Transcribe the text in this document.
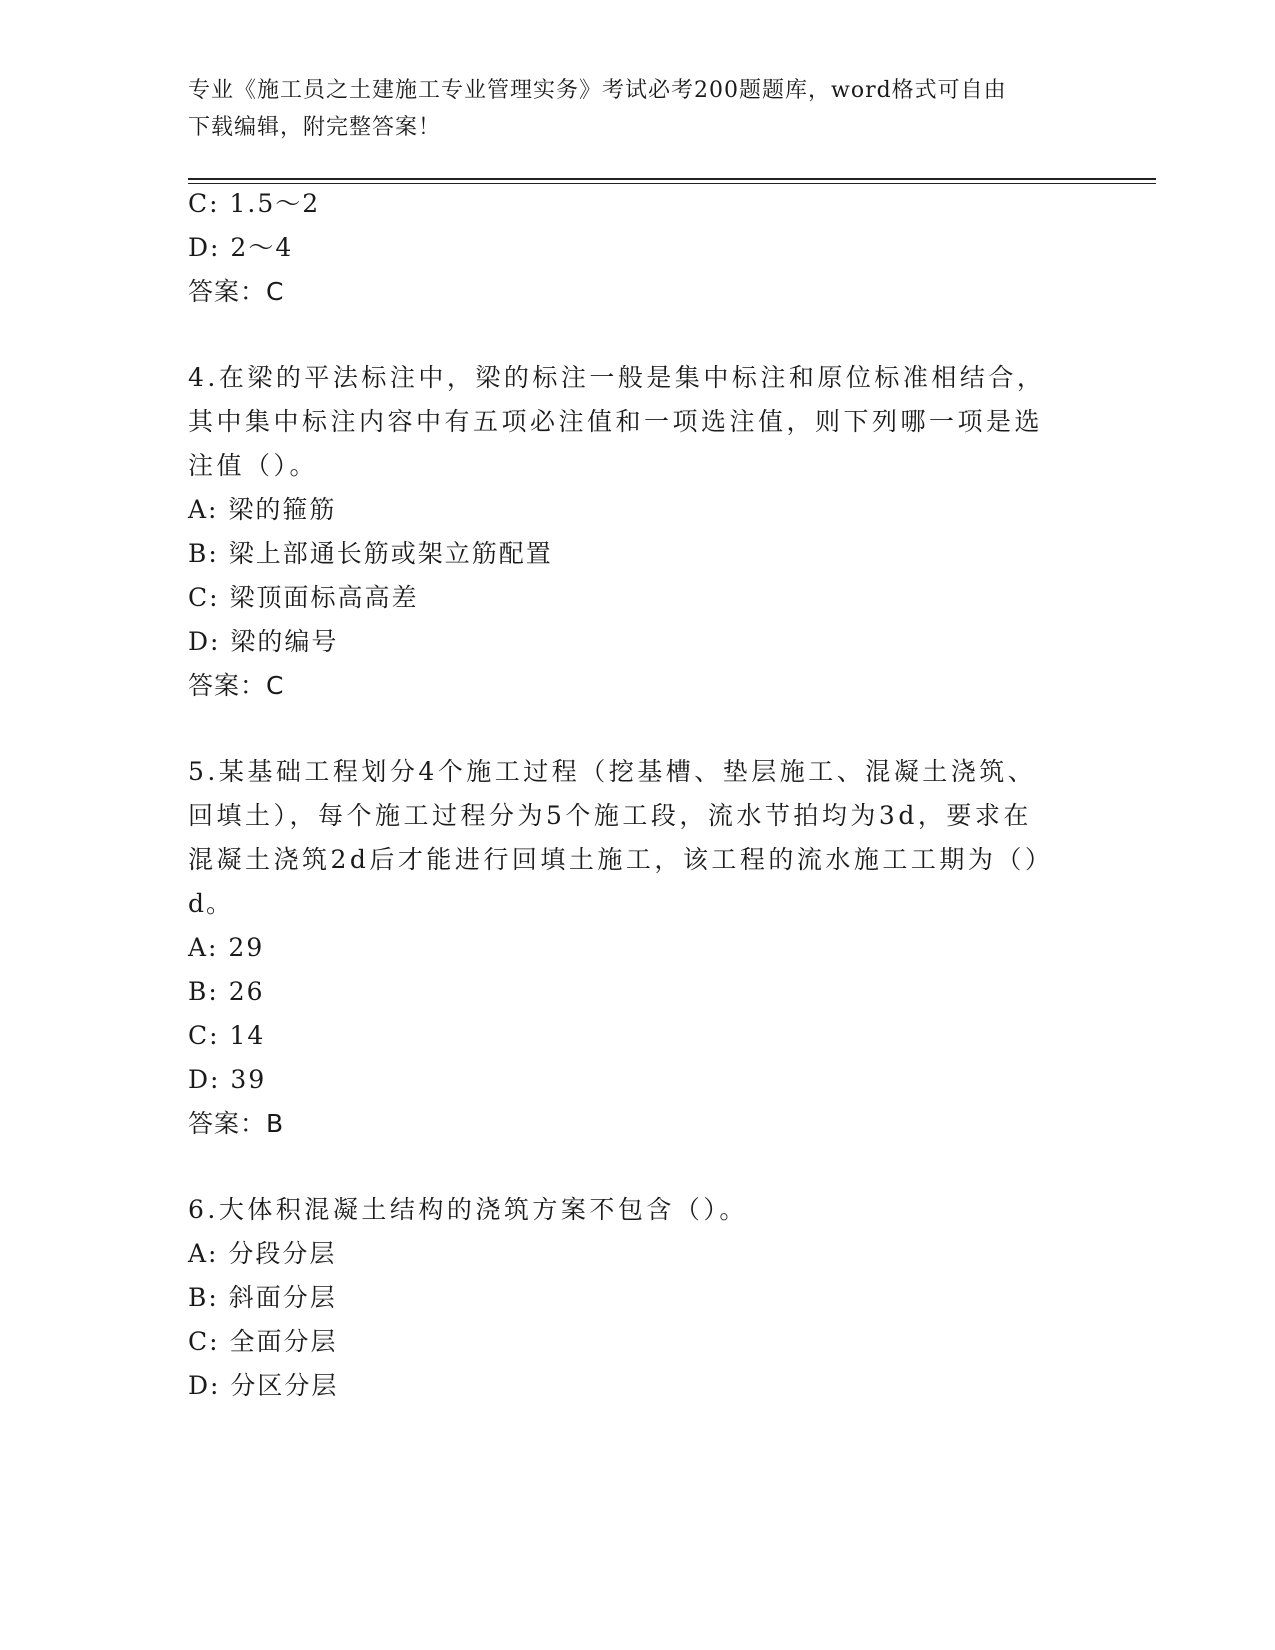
专业《施工员之土建施工专业管理实务》考试必考200题题库，word格式可自由
下载编辑，附完整答案！
C: 1.5～2
D: 2～4
答案：C
4.在梁的平法标注中，梁的标注一般是集中标注和原位标准相结合，
其中集中标注内容中有五项必注值和一项选注值，则下列哪一项是选
注值（）。
A: 梁的箍筋
B: 梁上部通长筋或架立筋配置
C: 梁顶面标高高差
D: 梁的编号
答案：C
5.某基础工程划分4个施工过程（挖基槽、垫层施工、混凝土浇筑、
回填土），每个施工过程分为5个施工段，流水节拍均为3d，要求在
混凝土浇筑2d后才能进行回填土施工，该工程的流水施工工期为（）
d。
A: 29
B: 26
C: 14
D: 39
答案：B
6.大体积混凝土结构的浇筑方案不包含（）。
A: 分段分层
B: 斜面分层
C: 全面分层
D: 分区分层
